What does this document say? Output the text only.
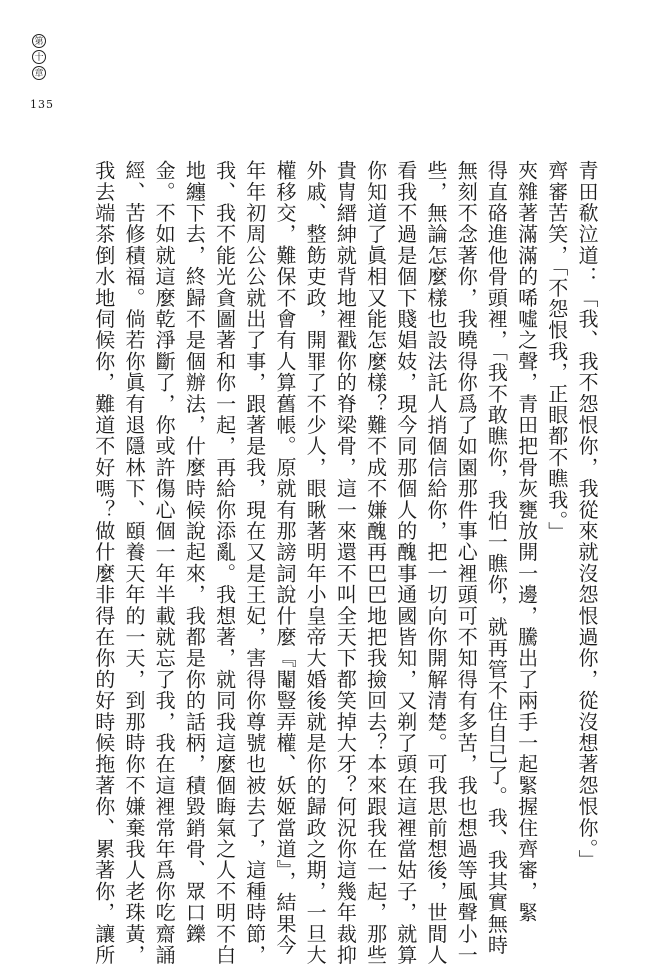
第
十
章
135
青田欷泣道：「我、我不怨恨你，我從來就沒怨恨過你，從沒想著怨恨你。」
齊審苦笑，「不怨恨我，正眼都不瞧我。」
夾雜著滿滿的唏噓之聲，青田把骨灰甕放開一邊，騰出了兩手一起緊握住齊審，緊
得直硌進他骨頭裡，「我不敢瞧你，我怕一瞧你，就再管不住自己了。我、我其實無時
無刻不念著你，我曉得你爲了如園那件事心裡頭可不知得有多苦，我也想過等風聲小一
些，無論怎麼樣也設法託人捎個信給你，把一切向你開解清楚。可我思前想後，世間人
看我不過是個下賤娼妓，現今同那個人的醜事通國皆知，又剃了頭在這裡當姑子，就算
你知道了眞相又能怎麼樣？難不成不嫌醜再巴巴地把我撿回去？本來跟我在一起，那些
貴冑縉紳就背地裡戳你的脊梁骨，這一來還不叫全天下都笑掉大牙？何況你這幾年裁抑
外戚、整飭吏政，開罪了不少人，眼瞅著明年小皇帝大婚後就是你的歸政之期，一旦大
權移交，難保不會有人算舊帳。原就有那謗詞說什麼『閹豎弄權、妖姬當道』，結果今
年年初周公公就出了事，跟著是我，現在又是王妃，害得你尊號也被去了，這種時節，
我、我不能光貪圖著和你一起，再給你添亂。我想著，就同我這麼個晦氣之人不明不白
地纏下去，終歸不是個辦法，什麼時候說起來，我都是你的話柄，積毀銷骨、眾口鑠
金。不如就這麼乾淨斷了，你或許傷心個一年半載就忘了我，我在這裡常年爲你吃齋誦
經、苦修積福。倘若你眞有退隱林下、頤養天年的一天，到那時你不嫌棄我人老珠黃，
我去端茶倒水地伺候你，難道不好嗎？做什麼非得在你的好時候拖著你、累著你，讓所
